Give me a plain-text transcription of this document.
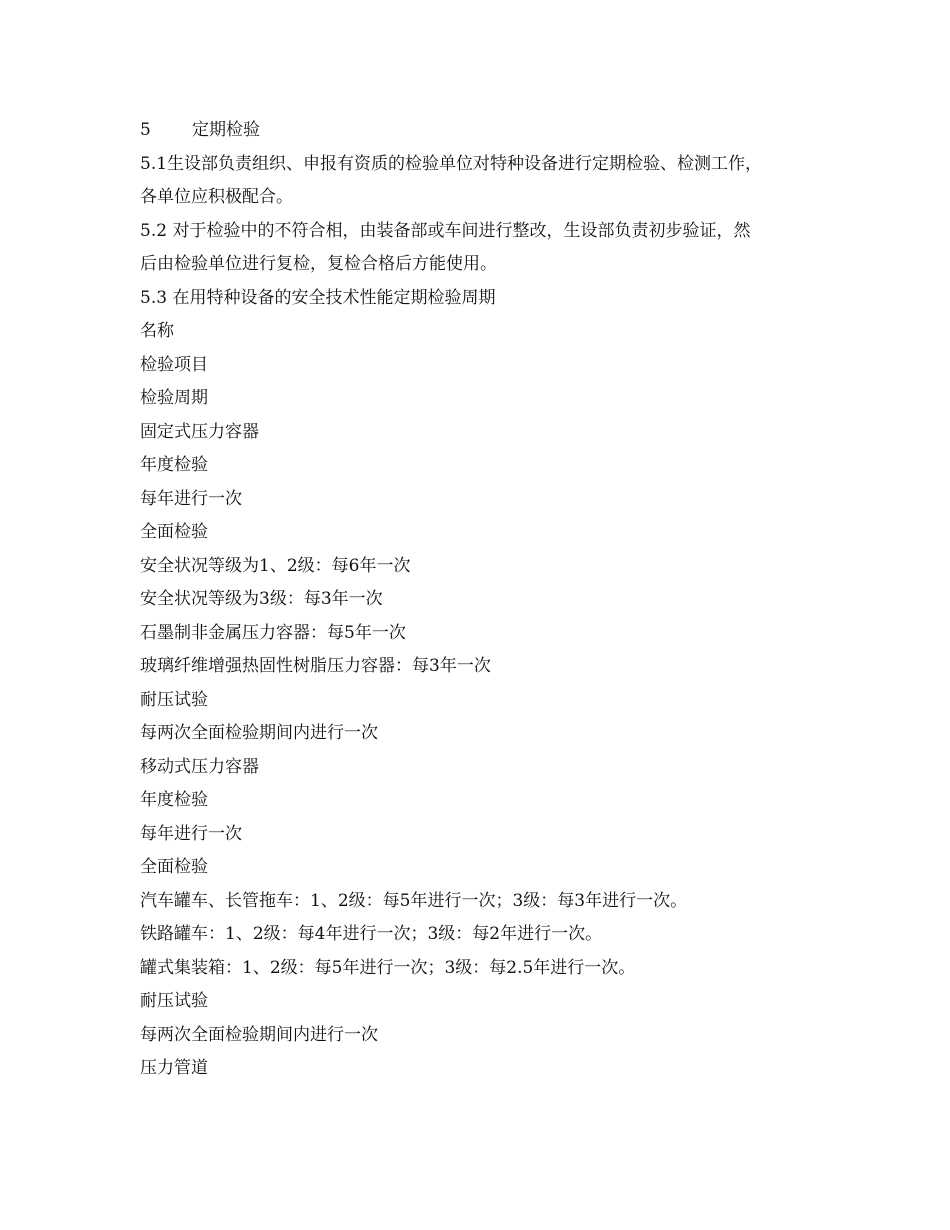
5 定期检验
5.1生设部负责组织、申报有资质的检验单位对特种设备进行定期检验、检测工作，
各单位应积极配合。
5.2 对于检验中的不符合相，由装备部或车间进行整改，生设部负责初步验证，然
后由检验单位进行复检，复检合格后方能使用。
5.3 在用特种设备的安全技术性能定期检验周期
名称
检验项目
检验周期
固定式压力容器
年度检验
每年进行一次
全面检验
安全状况等级为1、2级：每6年一次
安全状况等级为3级：每3年一次
石墨制非金属压力容器：每5年一次
玻璃纤维增强热固性树脂压力容器：每3年一次
耐压试验
每两次全面检验期间内进行一次
移动式压力容器
年度检验
每年进行一次
全面检验
汽车罐车、长管拖车：1、2级：每5年进行一次；3级：每3年进行一次。
铁路罐车：1、2级：每4年进行一次；3级：每2年进行一次。
罐式集装箱：1、2级：每5年进行一次；3级：每2.5年进行一次。
耐压试验
每两次全面检验期间内进行一次
压力管道
